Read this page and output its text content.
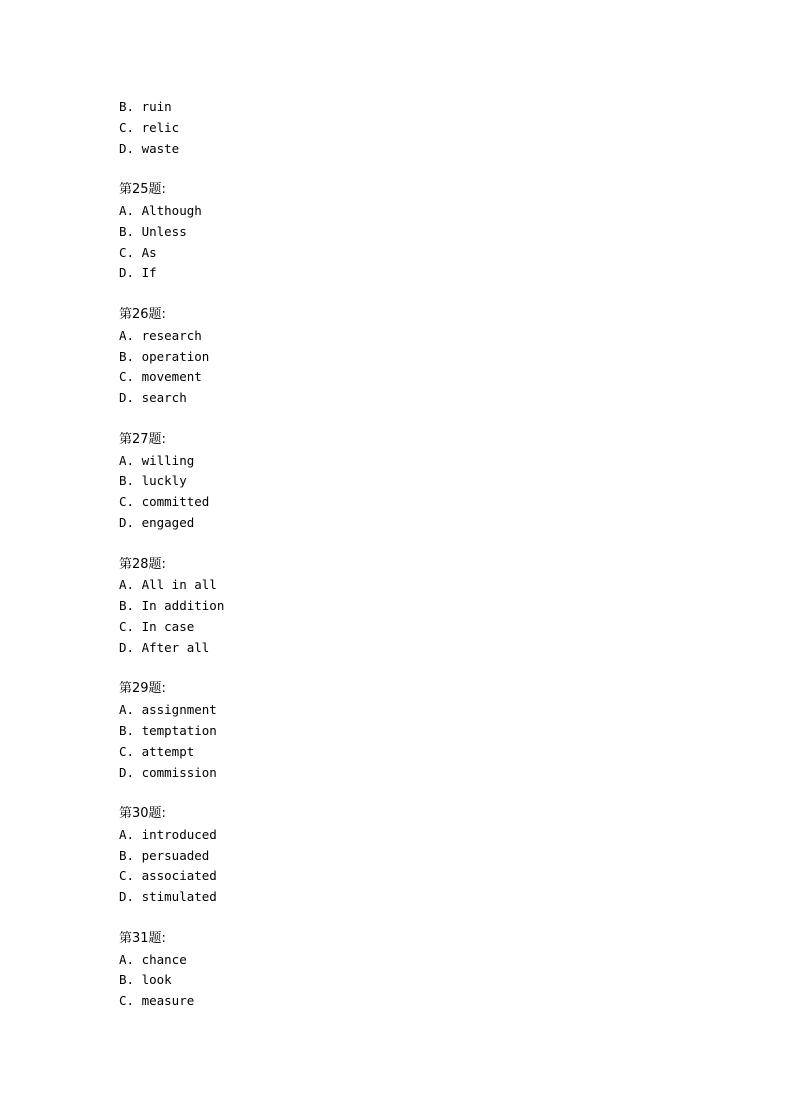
B. ruin
C. relic
D. waste
第25题:
A. Although
B. Unless
C. As
D. If
第26题:
A. research
B. operation
C. movement
D. search
第27题:
A. willing
B. luckly
C. committed
D. engaged
第28题:
A. All in all
B. In addition
C. In case
D. After all
第29题:
A. assignment
B. temptation
C. attempt
D. commission
第30题:
A. introduced
B. persuaded
C. associated
D. stimulated
第31题:
A. chance
B. look
C. measure
